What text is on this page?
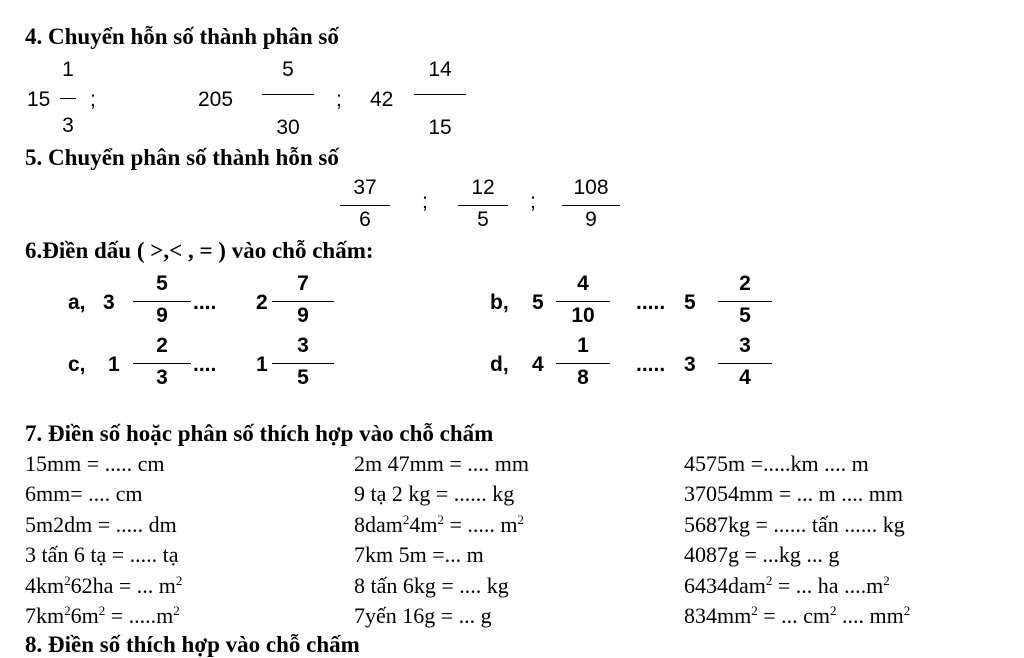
4. Chuyển hỗn số thành phân số
15
1
3
;	205
5
30
; 42
14
15
5. Chuyển phân số thành hỗn số
37
6
;
12
5
;
108
9
6.Điền dấu ( >,< , = ) vào chỗ chấm:
a, 3
5
9
.... 2
7
9
b, 5
4
10
..... 5
2
5
c, 1
2
3
.... 1
3
5
d, 4
1
8
..... 3
3
4
7. Điền số hoặc phân số thích hợp vào chỗ chấm
15mm = ..... cm
6mm= .... cm
5m2dm = ..... dm
3 tấn 6 tạ = ..... tạ
$4km^262ha$ = ... $m^2$
$7km^26m^2 = .....m^2$
2m 47mm = .... mm
9 tạ 2 kg = ...... kg
$8dam^24m^2$ = ..... $m^2$
7km 5m =... m
8 tấn 6kg = .... kg
7yến 16g = ... g
4575m =.....km .... m
37054mm = ... m .... mm
5687kg = ...... tấn ...... kg
4087g = ...kg ... g
6434dam$^2$ = ... ha $....m^2$
$834mm^2$ = ... $cm^2$ .... $mm^2$
8. Điền số thích hợp vào chỗ chấm
